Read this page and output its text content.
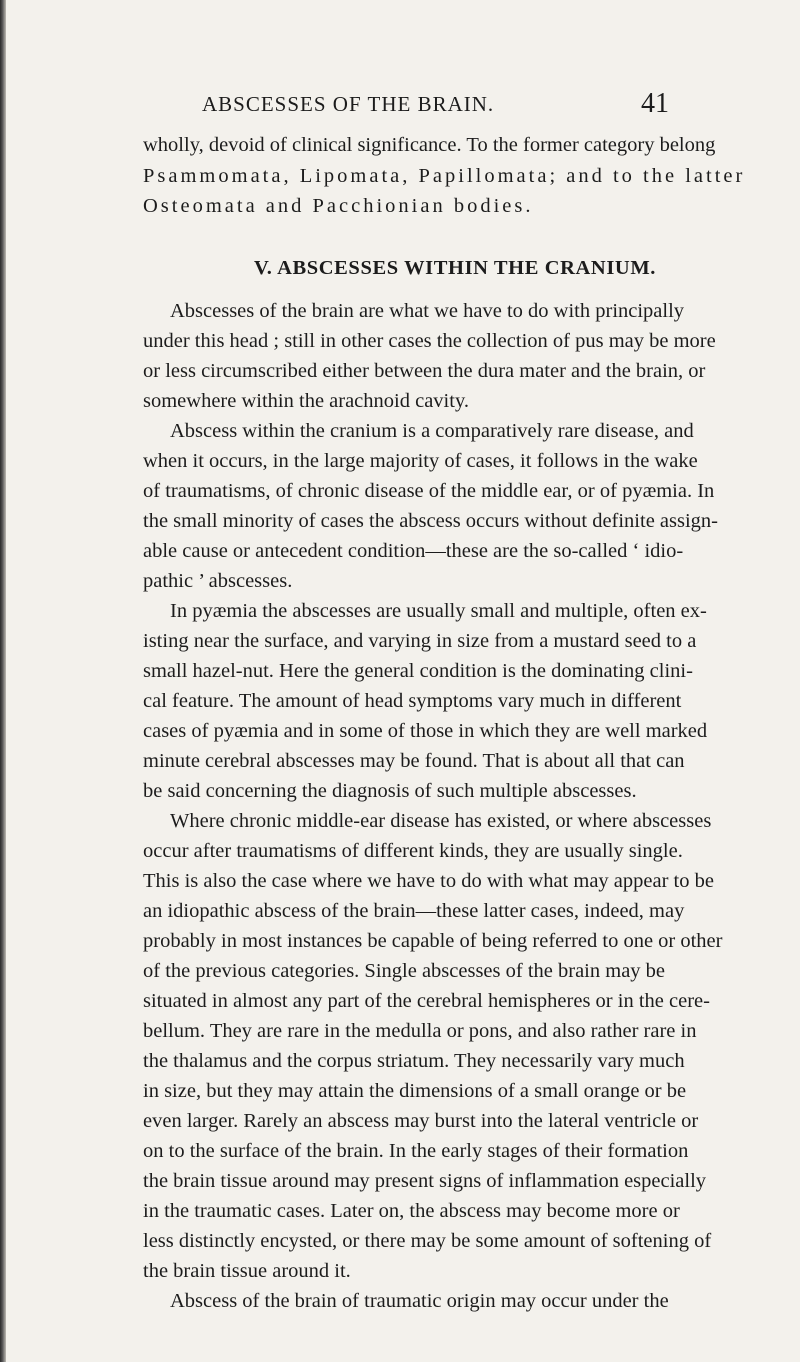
ABSCESSES OF THE BRAIN.	41
wholly, devoid of clinical significance. To the former category belong
Psammomata, Lipomata, Papillomata; and to the latter
Osteomata and Pacchionian bodies.
V. ABSCESSES WITHIN THE CRANIUM.
Abscesses of the brain are what we have to do with principally
under this head ; still in other cases the collection of pus may be more
or less circumscribed either between the dura mater and the brain, or
somewhere within the arachnoid cavity.
Abscess within the cranium is a comparatively rare disease, and
when it occurs, in the large majority of cases, it follows in the wake
of traumatisms, of chronic disease of the middle ear, or of pyæmia. In
the small minority of cases the abscess occurs without definite assign-
able cause or antecedent condition—these are the so-called ‘ idio-
pathic ’ abscesses.
In pyæmia the abscesses are usually small and multiple, often ex-
isting near the surface, and varying in size from a mustard seed to a
small hazel-nut. Here the general condition is the dominating clini-
cal feature. The amount of head symptoms vary much in different
cases of pyæmia and in some of those in which they are well marked
minute cerebral abscesses may be found. That is about all that can
be said concerning the diagnosis of such multiple abscesses.
Where chronic middle-ear disease has existed, or where abscesses
occur after traumatisms of different kinds, they are usually single.
This is also the case where we have to do with what may appear to be
an idiopathic abscess of the brain—these latter cases, indeed, may
probably in most instances be capable of being referred to one or other
of the previous categories. Single abscesses of the brain may be
situated in almost any part of the cerebral hemispheres or in the cere-
bellum. They are rare in the medulla or pons, and also rather rare in
the thalamus and the corpus striatum. They necessarily vary much
in size, but they may attain the dimensions of a small orange or be
even larger. Rarely an abscess may burst into the lateral ventricle or
on to the surface of the brain. In the early stages of their formation
the brain tissue around may present signs of inflammation especially
in the traumatic cases. Later on, the abscess may become more or
less distinctly encysted, or there may be some amount of softening of
the brain tissue around it.
Abscess of the brain of traumatic origin may occur under the
